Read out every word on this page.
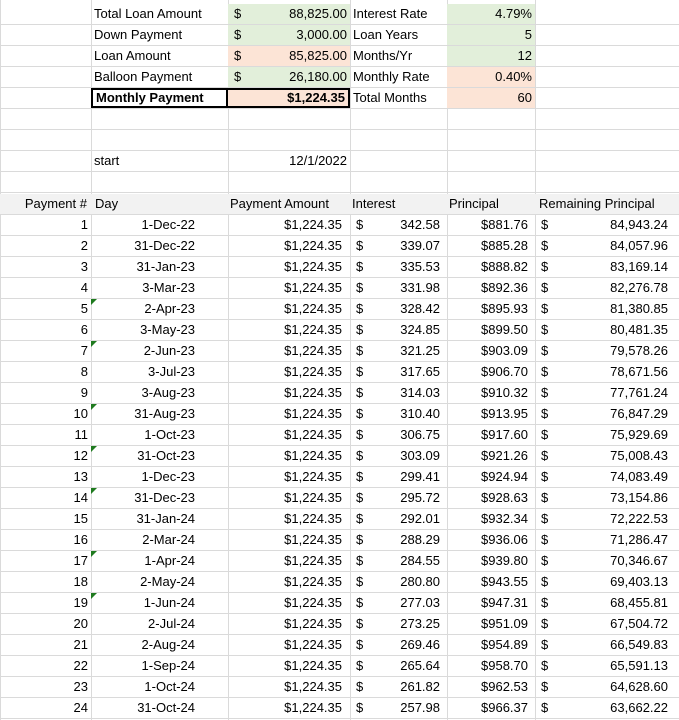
Total Loan Amount	$	88,825.00 Interest Rate	4.79%
Down Payment	$	3,000.00 Loan Years	5
Loan Amount	$	85,825.00 Months/Yr	12
Balloon Payment	$	26,180.00 Monthly Rate	0.40%
Monthly Payment	$1,224.35 Total Months	60
start	12/1/2022
Payment # Day	Payment Amount	Interest	Principal	Remaining Principal
1	1-Dec-22	$1,224.35	$	342.58	$881.76	$	84,943.24
2	31-Dec-22	$1,224.35	$	339.07	$885.28	$	84,057.96
3	31-Jan-23	$1,224.35	$	335.53	$888.82	$	83,169.14
4	3-Mar-23	$1,224.35	$	331.98	$892.36	$	82,276.78
5	2-Apr-23	$1,224.35	$	328.42	$895.93	$	81,380.85
6	3-May-23	$1,224.35	$	324.85	$899.50	$	80,481.35
7	2-Jun-23	$1,224.35	$	321.25	$903.09	$	79,578.26
8	3-Jul-23	$1,224.35	$	317.65	$906.70	$	78,671.56
9	3-Aug-23	$1,224.35	$	314.03	$910.32	$	77,761.24
10	31-Aug-23	$1,224.35	$	310.40	$913.95	$	76,847.29
11	1-Oct-23	$1,224.35	$	306.75	$917.60	$	75,929.69
12	31-Oct-23	$1,224.35	$	303.09	$921.26	$	75,008.43
13	1-Dec-23	$1,224.35	$	299.41	$924.94	$	74,083.49
14	31-Dec-23	$1,224.35	$	295.72	$928.63	$	73,154.86
15	31-Jan-24	$1,224.35	$	292.01	$932.34	$	72,222.53
16	2-Mar-24	$1,224.35	$	288.29	$936.06	$	71,286.47
17	1-Apr-24	$1,224.35	$	284.55	$939.80	$	70,346.67
18	2-May-24	$1,224.35	$	280.80	$943.55	$	69,403.13
19	1-Jun-24	$1,224.35	$	277.03	$947.31	$	68,455.81
20	2-Jul-24	$1,224.35	$	273.25	$951.09	$	67,504.72
21	2-Aug-24	$1,224.35	$	269.46	$954.89	$	66,549.83
22	1-Sep-24	$1,224.35	$	265.64	$958.70	$	65,591.13
23	1-Oct-24	$1,224.35	$	261.82	$962.53	$	64,628.60
24	31-Oct-24	$1,224.35	$	257.98	$966.37	$	63,662.22
